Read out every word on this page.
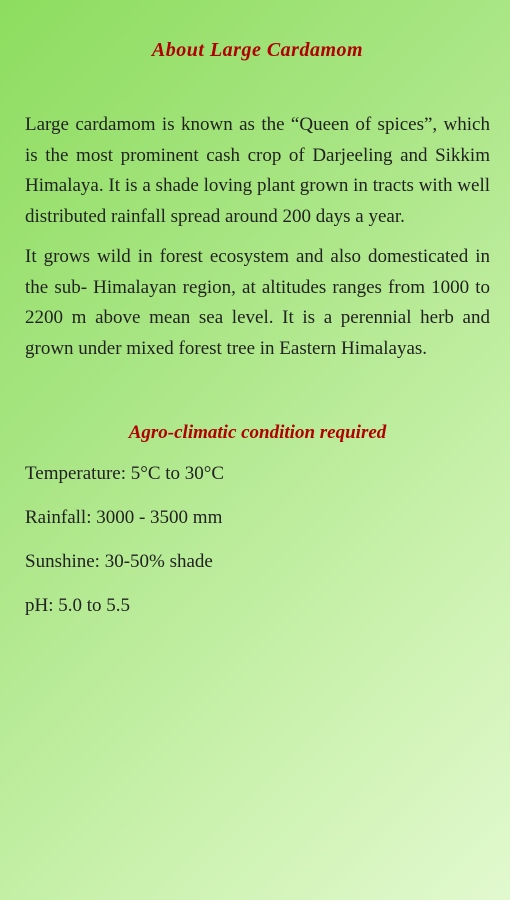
About Large Cardamom

Large cardamom is known as the “Queen of spices”, which is the most prominent cash crop of Darjeeling and Sikkim Himalaya. It is a shade loving plant grown in tracts with well distributed rainfall spread around 200 days a year.

It grows wild in forest ecosystem and also domesticated in the sub- Himalayan region, at altitudes ranges from 1000 to 2200 m above mean sea level. It is a perennial herb and grown under mixed forest tree in Eastern Himalayas.

Agro-climatic condition required
Temperature: 5°C to 30°C
Rainfall: 3000 - 3500 mm
Sunshine: 30-50% shade
pH: 5.0 to 5.5
